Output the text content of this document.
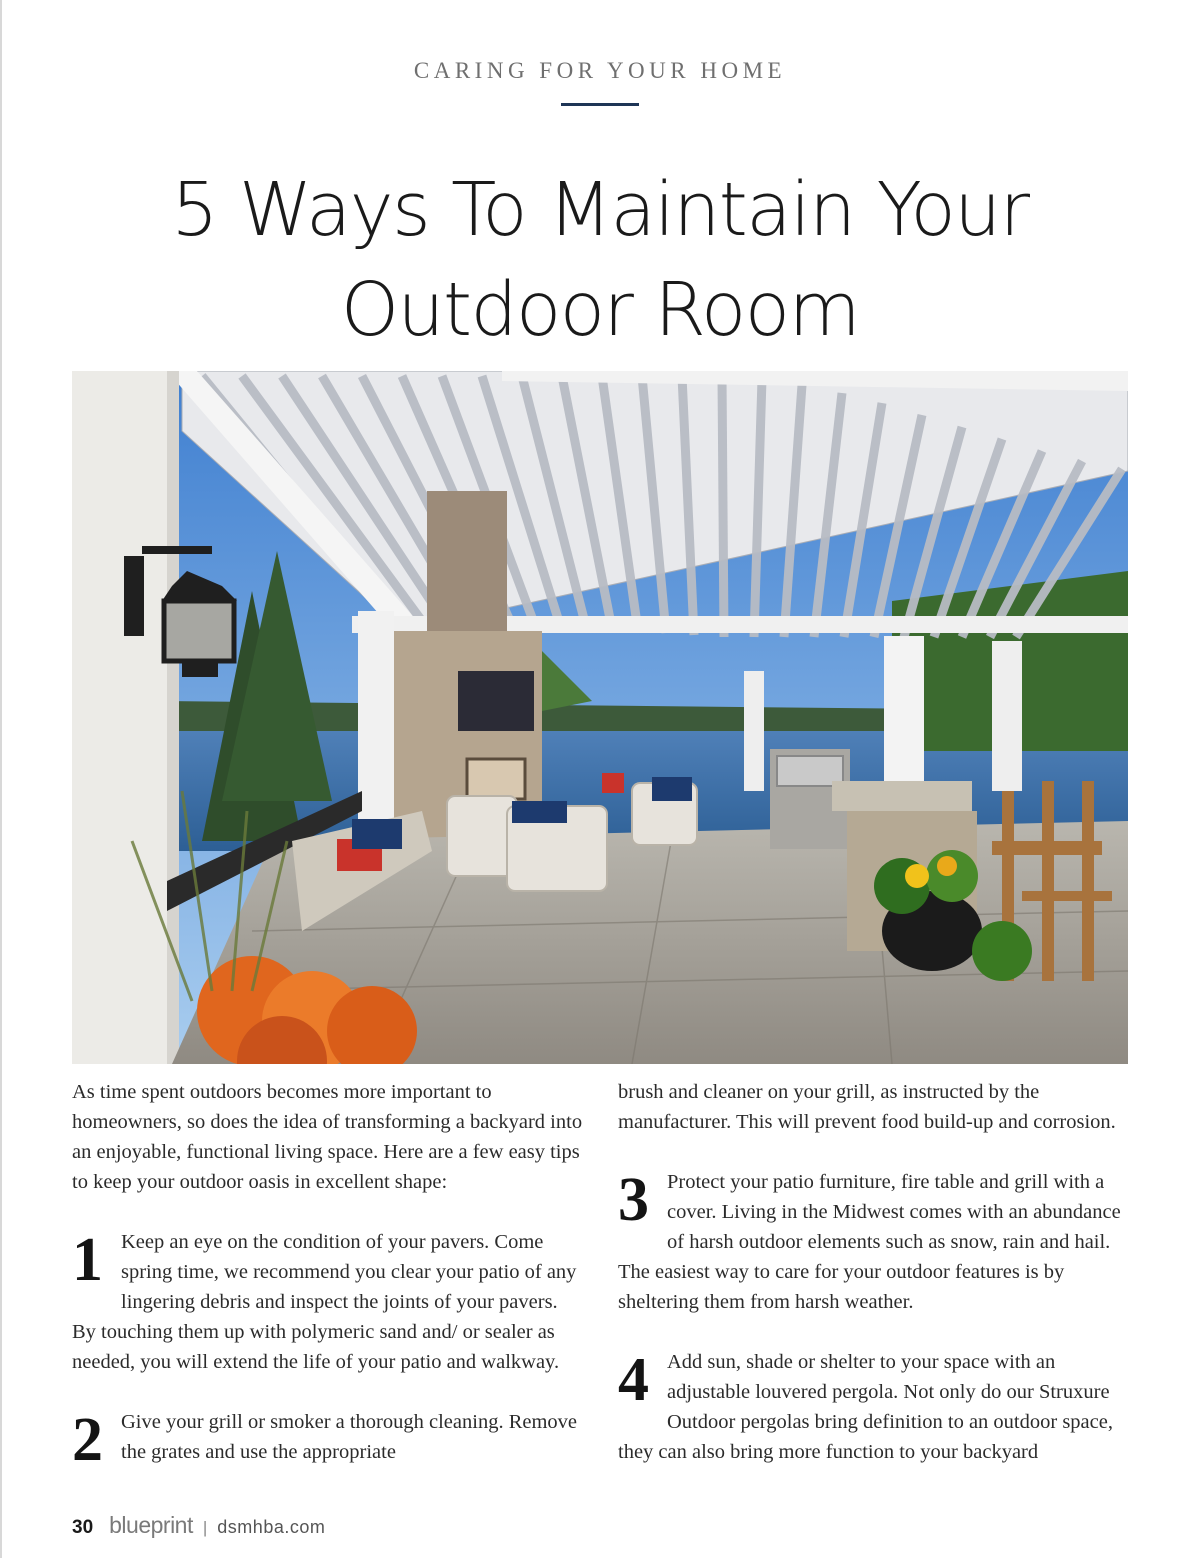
CARING FOR YOUR HOME
5 Ways To Maintain Your
Outdoor Room

As time spent outdoors becomes more important to homeowners, so does the idea of transforming a backyard into an enjoyable, functional living space. Here are a few easy tips to keep your outdoor oasis in excellent shape:

1 Keep an eye on the condition of your pavers. Come spring time, we recommend you clear your patio of any lingering debris and inspect the joints of your pavers. By touching them up with polymeric sand and/ or sealer as needed, you will extend the life of your patio and walkway.

2 Give your grill or smoker a thorough cleaning. Remove the grates and use the appropriate

brush and cleaner on your grill, as instructed by the manufacturer. This will prevent food build-up and corrosion.

3 Protect your patio furniture, fire table and grill with a cover. Living in the Midwest comes with an abundance of harsh outdoor elements such as snow, rain and hail. The easiest way to care for your outdoor features is by sheltering them from harsh weather.

4 Add sun, shade or shelter to your space with an adjustable louvered pergola. Not only do our Struxure Outdoor pergolas bring definition to an outdoor space, they can also bring more function to your backyard

30 blueprint | dsmhba.com
